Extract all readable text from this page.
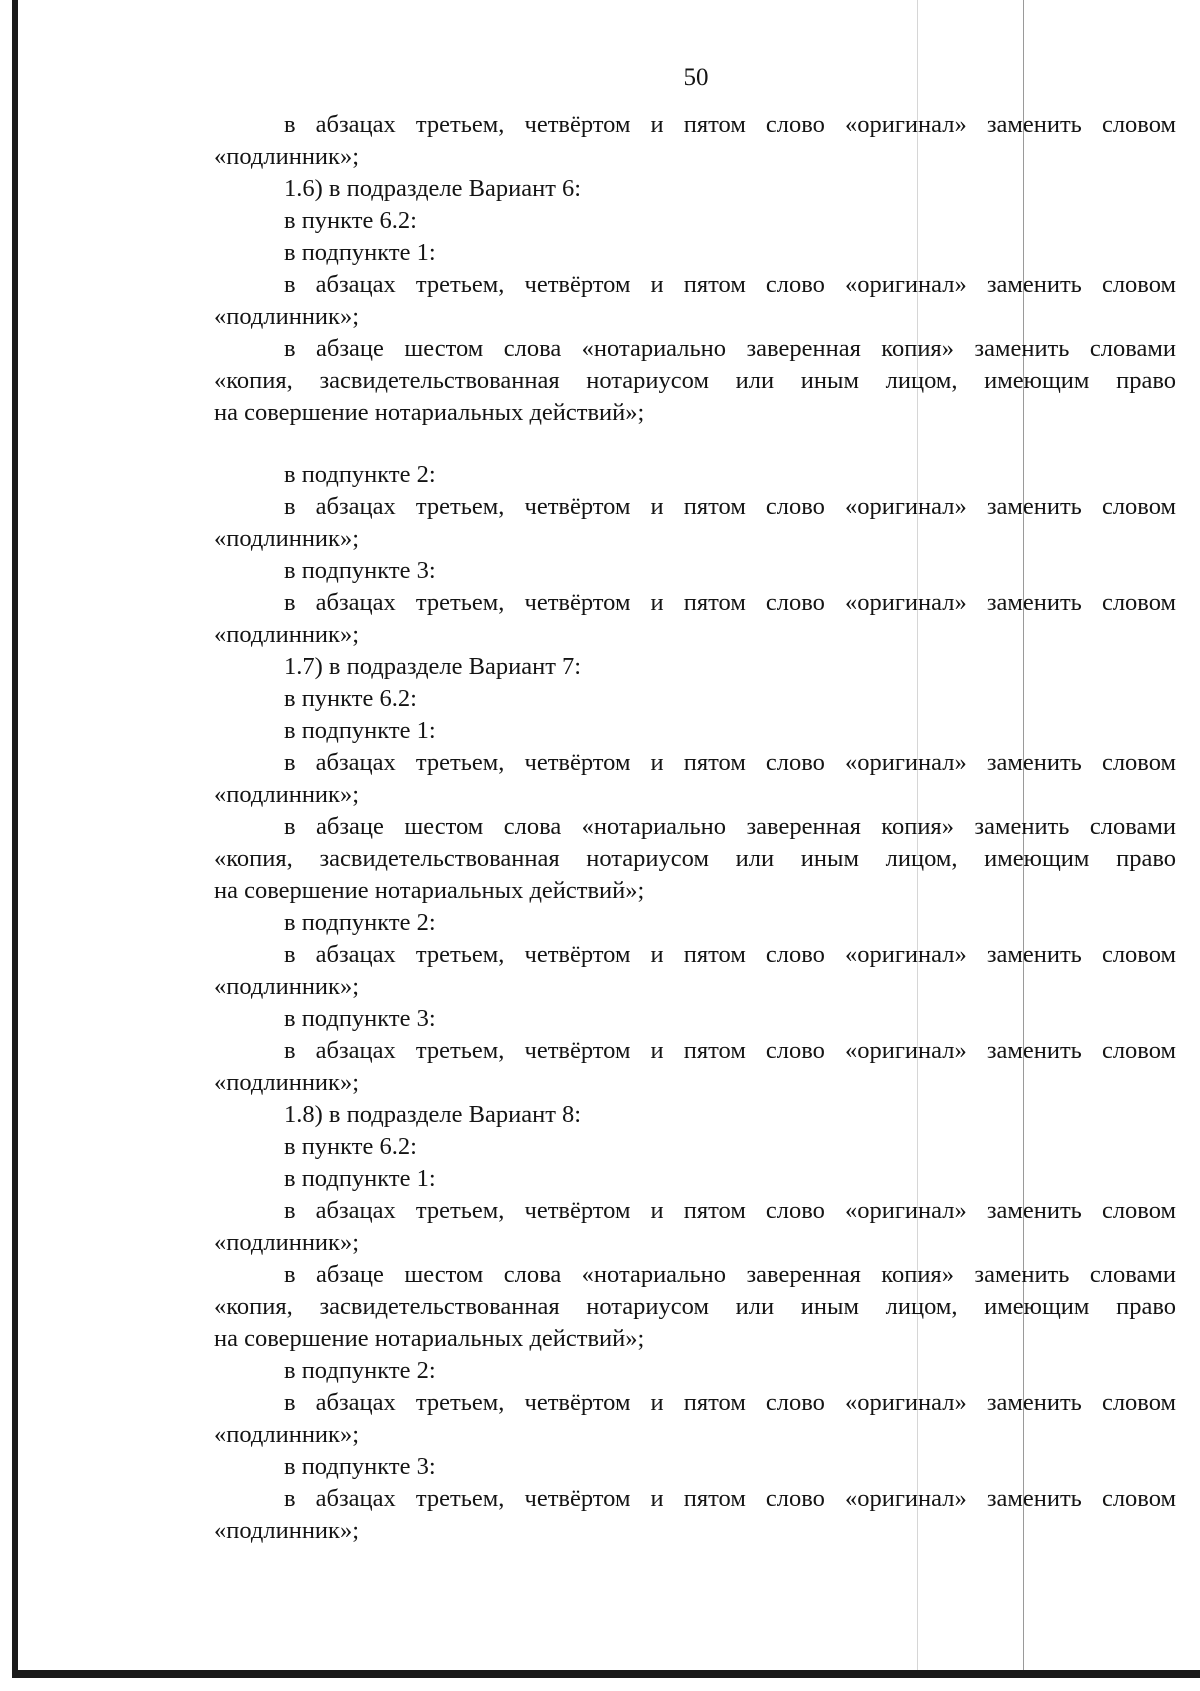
50
в абзацах третьем, четвёртом и пятом слово «оригинал» заменить словом
«подлинник»;
1.6) в подразделе Вариант 6:
в пункте 6.2:
в подпункте 1:
в абзацах третьем, четвёртом и пятом слово «оригинал» заменить словом
«подлинник»;
в абзаце шестом слова «нотариально заверенная копия» заменить словами
«копия, засвидетельствованная нотариусом или иным лицом, имеющим право
на совершение нотариальных действий»;
в подпункте 2:
в абзацах третьем, четвёртом и пятом слово «оригинал» заменить словом
«подлинник»;
в подпункте 3:
в абзацах третьем, четвёртом и пятом слово «оригинал» заменить словом
«подлинник»;
1.7) в подразделе Вариант 7:
в пункте 6.2:
в подпункте 1:
в абзацах третьем, четвёртом и пятом слово «оригинал» заменить словом
«подлинник»;
в абзаце шестом слова «нотариально заверенная копия» заменить словами
«копия, засвидетельствованная нотариусом или иным лицом, имеющим право
на совершение нотариальных действий»;
в подпункте 2:
в абзацах третьем, четвёртом и пятом слово «оригинал» заменить словом
«подлинник»;
в подпункте 3:
в абзацах третьем, четвёртом и пятом слово «оригинал» заменить словом
«подлинник»;
1.8) в подразделе Вариант 8:
в пункте 6.2:
в подпункте 1:
в абзацах третьем, четвёртом и пятом слово «оригинал» заменить словом
«подлинник»;
в абзаце шестом слова «нотариально заверенная копия» заменить словами
«копия, засвидетельствованная нотариусом или иным лицом, имеющим право
на совершение нотариальных действий»;
в подпункте 2:
в абзацах третьем, четвёртом и пятом слово «оригинал» заменить словом
«подлинник»;
в подпункте 3:
в абзацах третьем, четвёртом и пятом слово «оригинал» заменить словом
«подлинник»;
